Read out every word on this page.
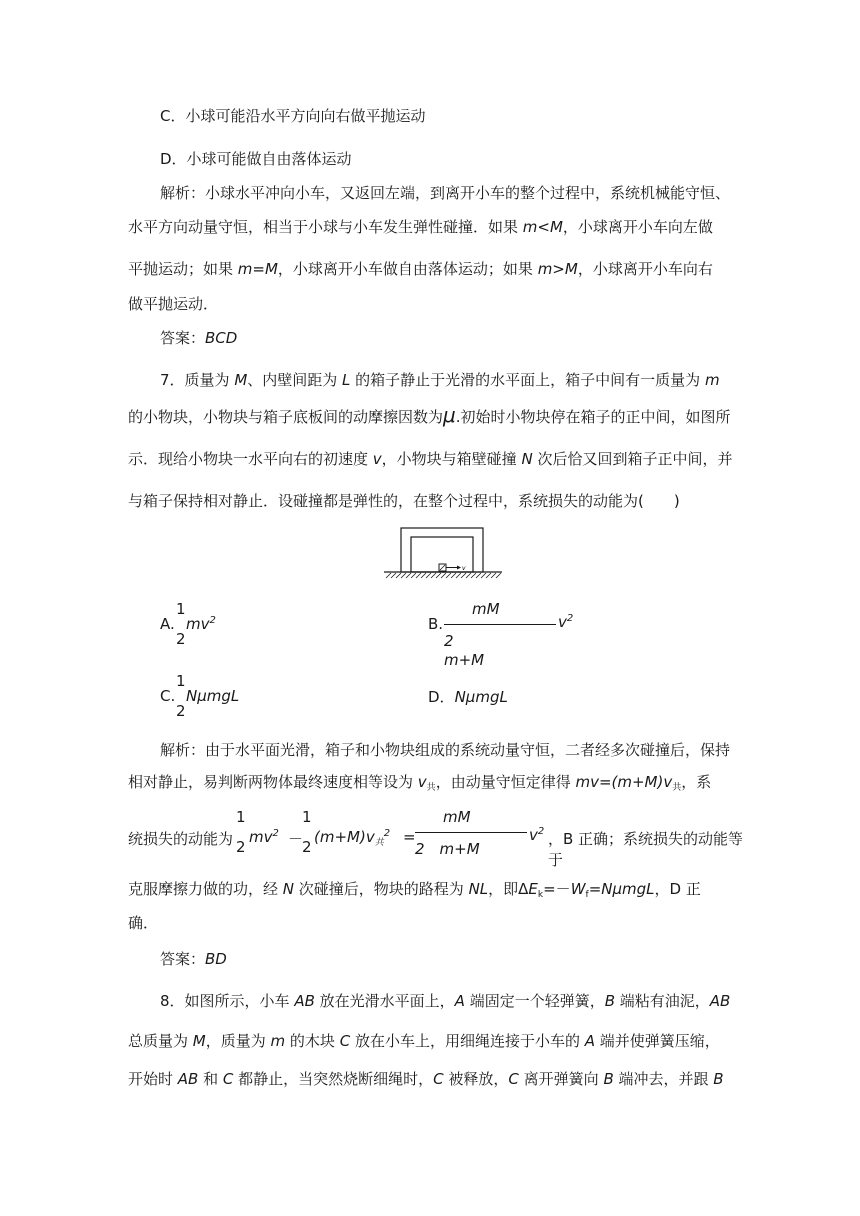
C．小球可能沿水平方向向右做平抛运动
D．小球可能做自由落体运动
解析：小球水平冲向小车，又返回左端，到离开小车的整个过程中，系统机械能守恒、
水平方向动量守恒，相当于小球与小车发生弹性碰撞．如果 m<M，小球离开小车向左做
平抛运动；如果 m=M，小球离开小车做自由落体运动；如果 m>M，小球离开小车向右
做平抛运动．
答案：BCD
7．质量为 M、内壁间距为 L 的箱子静止于光滑的水平面上，箱子中间有一质量为 m
的小物块，小物块与箱子底板间的动摩擦因数为μ.初始时小物块停在箱子的正中间，如图所
示．现给小物块一水平向右的初速度 v，小物块与箱壁碰撞 N 次后恰又回到箱子正中间，并
与箱子保持相对静止．设碰撞都是弹性的，在整个过程中，系统损失的动能为(　　)
v
A.
1
2
$mv^2$	B.
mM
2　m+M
$v^2$
C.
1
2
NμmgL	D．NμmgL
解析：由于水平面光滑，箱子和小物块组成的系统动量守恒，二者经多次碰撞后，保持
相对静止，易判断两物体最终速度相等设为 $v_共$，由动量守恒定律得 $mv=(m+M)v_共$，系
统损失的动能为
1
2
$mv^2$ －
1
2
$(m+M)v_共^2$ =
mM
2　m+M
$v^2$ ，B 正确；系统损失的动能等于
克服摩擦力做的功，经 N 次碰撞后，物块的路程为 NL，即$\Delta E_k=-W_f=N\mu mgL$，D 正
确．
答案：BD
8．如图所示，小车 AB 放在光滑水平面上，A 端固定一个轻弹簧，B 端粘有油泥，AB
总质量为 M，质量为 m 的木块 C 放在小车上，用细绳连接于小车的 A 端并使弹簧压缩，
开始时 AB 和 C 都静止，当突然烧断细绳时，C 被释放，C 离开弹簧向 B 端冲去，并跟 B
